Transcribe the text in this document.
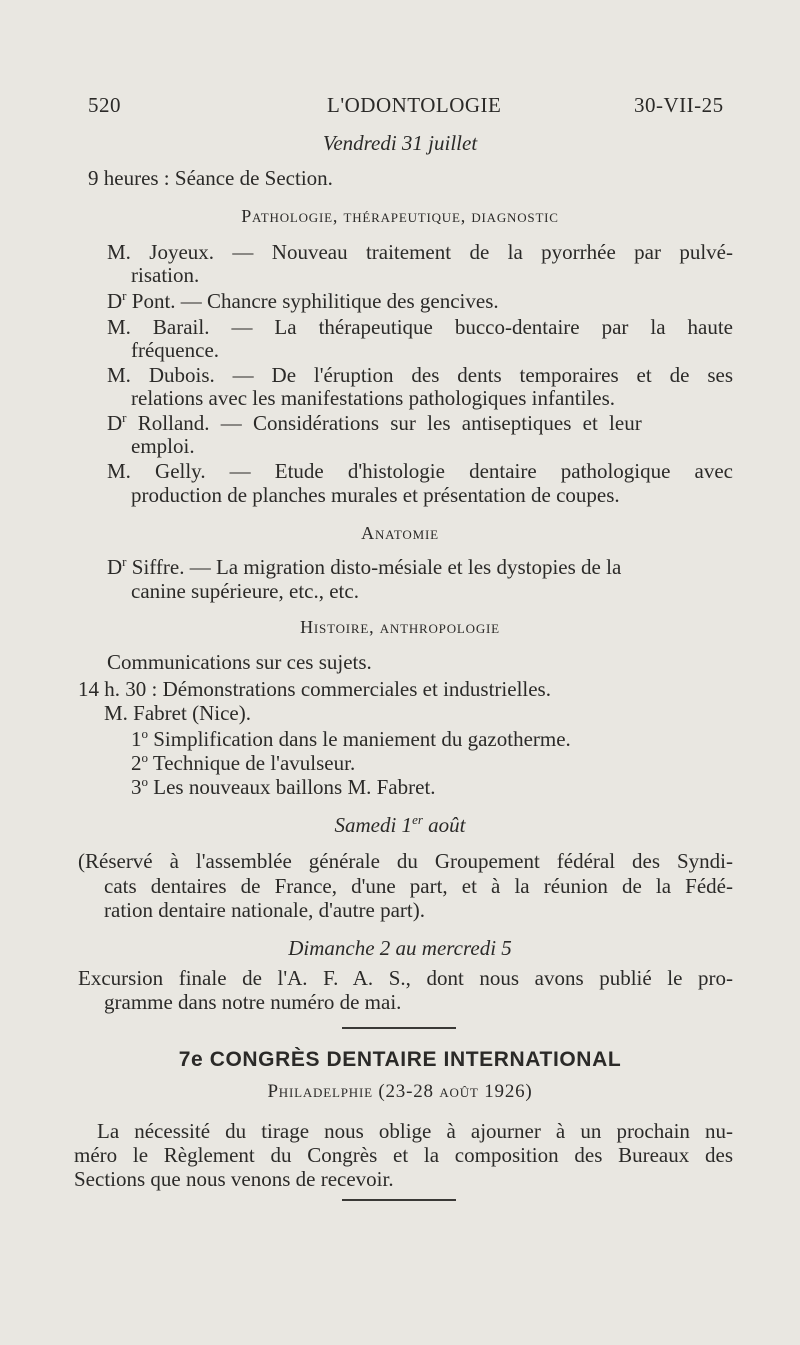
520	L'ODONTOLOGIE	30-VII-25
Vendredi 31 juillet
9 heures : Séance de Section.
Pathologie, thérapeutique, diagnostic
M. Joyeux. — Nouveau traitement de la pyorrhée par pulvé-
risation.
$D^r$ Pont. — Chancre syphilitique des gencives.
M. Barail. — La thérapeutique bucco-dentaire par la haute
fréquence.
M. Dubois. — De l'éruption des dents temporaires et de ses
relations avec les manifestations pathologiques infantiles.
$D^r$ Rolland. — Considérations sur les antiseptiques et leur
emploi.
M. Gelly. — Etude d'histologie dentaire pathologique avec
production de planches murales et présentation de coupes.
Anatomie
$D^r$ Siffre. — La migration disto-mésiale et les dystopies de la
canine supérieure, etc., etc.
Histoire, anthropologie
Communications sur ces sujets.
14 h. 30 : Démonstrations commerciales et industrielles.
M. Fabret (Nice).
1$^o$ Simplification dans le maniement du gazotherme.
2$^o$ Technique de l'avulseur.
3$^o$ Les nouveaux baillons M. Fabret.
Samedi 1er août
(Réservé à l'assemblée générale du Groupement fédéral des Syndi-
cats dentaires de France, d'une part, et à la réunion de la Fédé-
ration dentaire nationale, d'autre part).
Dimanche 2 au mercredi 5
Excursion finale de l'A. F. A. S., dont nous avons publié le pro-
gramme dans notre numéro de mai.
7e CONGRÈS DENTAIRE INTERNATIONAL
Philadelphie (23-28 août 1926)
La nécessité du tirage nous oblige à ajourner à un prochain nu-
méro le Règlement du Congrès et la composition des Bureaux des
Sections que nous venons de recevoir.
